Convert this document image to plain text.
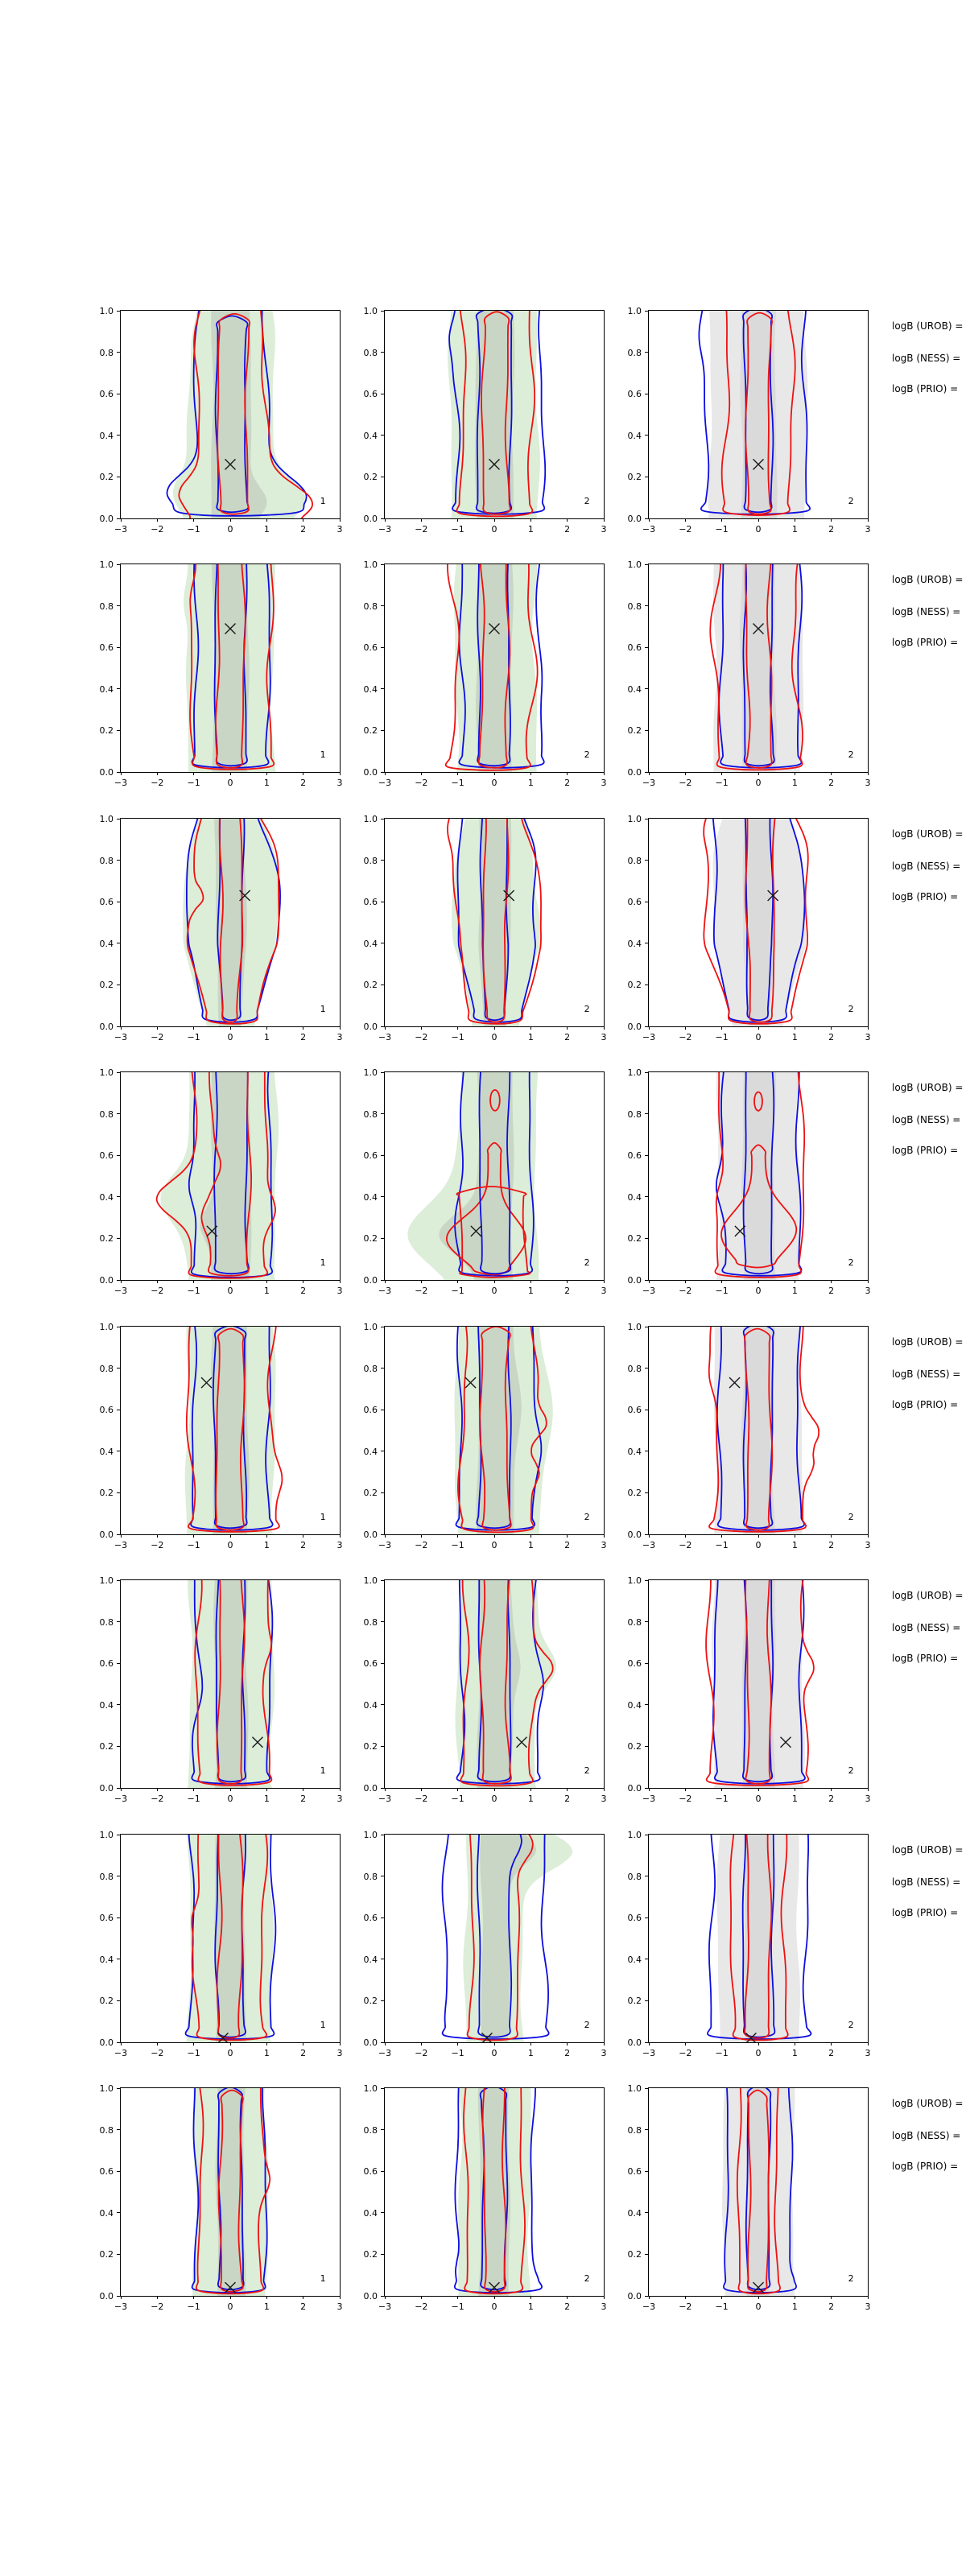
1
−3	−2	−1	0	1	2	3
0.0
0.2
0.4
0.6
0.8
1.0
2
−3	−2	−1	0	1	2	3
0.0
0.2
0.4
0.6
0.8
1.0
2
−3	−2	−1	0	1	2	3
0.0
0.2
0.4
0.6
0.8
1.0
logB (UROB) =
logB (NESS) =
logB (PRIO) =
1
−3	−2	−1	0	1	2	3
0.0
0.2
0.4
0.6
0.8
1.0
2
−3	−2	−1	0	1	2	3
0.0
0.2
0.4
0.6
0.8
1.0
2
−3	−2	−1	0	1	2	3
0.0
0.2
0.4
0.6
0.8
1.0
logB (UROB) =
logB (NESS) =
logB (PRIO) =
1
−3	−2	−1	0	1	2	3
0.0
0.2
0.4
0.6
0.8
1.0
2
−3	−2	−1	0	1	2	3
0.0
0.2
0.4
0.6
0.8
1.0
2
−3	−2	−1	0	1	2	3
0.0
0.2
0.4
0.6
0.8
1.0
logB (UROB) =
logB (NESS) =
logB (PRIO) =
1
−3	−2	−1	0	1	2	3
0.0
0.2
0.4
0.6
0.8
1.0
2
−3	−2	−1	0	1	2	3
0.0
0.2
0.4
0.6
0.8
1.0
2
−3	−2	−1	0	1	2	3
0.0
0.2
0.4
0.6
0.8
1.0
logB (UROB) =
logB (NESS) =
logB (PRIO) =
1
−3	−2	−1	0	1	2	3
0.0
0.2
0.4
0.6
0.8
1.0
2
−3	−2	−1	0	1	2	3
0.0
0.2
0.4
0.6
0.8
1.0
2
−3	−2	−1	0	1	2	3
0.0
0.2
0.4
0.6
0.8
1.0
logB (UROB) =
logB (NESS) =
logB (PRIO) =
1
−3	−2	−1	0	1	2	3
0.0
0.2
0.4
0.6
0.8
1.0
2
−3	−2	−1	0	1	2	3
0.0
0.2
0.4
0.6
0.8
1.0
2
−3	−2	−1	0	1	2	3
0.0
0.2
0.4
0.6
0.8
1.0
logB (UROB) =
logB (NESS) =
logB (PRIO) =
1
−3	−2	−1	0	1	2	3
0.0
0.2
0.4
0.6
0.8
1.0
2
−3	−2	−1	0	1	2	3
0.0
0.2
0.4
0.6
0.8
1.0
2
−3	−2	−1	0	1	2	3
0.0
0.2
0.4
0.6
0.8
1.0
logB (UROB) =
logB (NESS) =
logB (PRIO) =
1
−3	−2	−1	0	1	2	3
0.0
0.2
0.4
0.6
0.8
1.0
2
−3	−2	−1	0	1	2	3
0.0
0.2
0.4
0.6
0.8
1.0
2
−3	−2	−1	0	1	2	3
0.0
0.2
0.4
0.6
0.8
1.0
logB (UROB) =
logB (NESS) =
logB (PRIO) =
